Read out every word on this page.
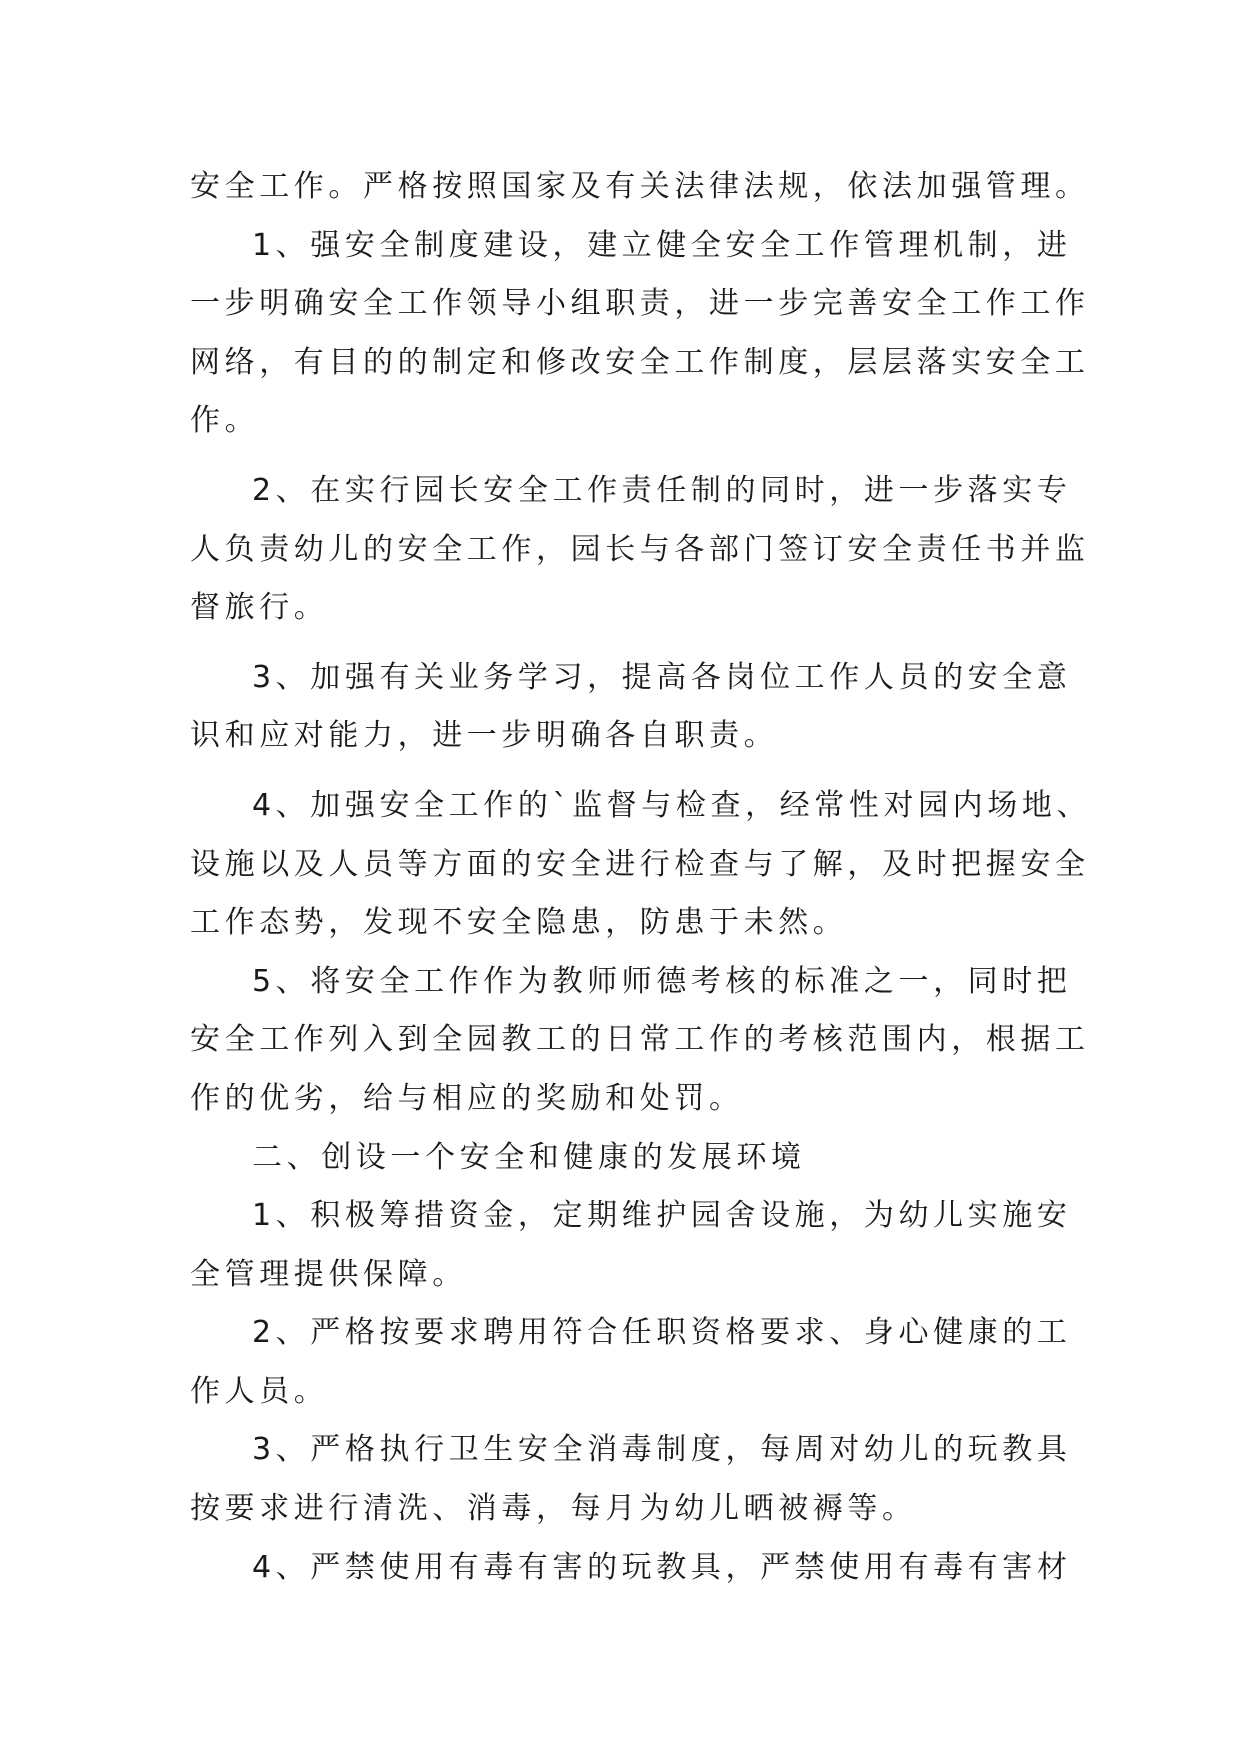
安全工作。严格按照国家及有关法律法规，依法加强管理。
1、强安全制度建设，建立健全安全工作管理机制，进
一步明确安全工作领导小组职责，进一步完善安全工作工作
网络，有目的的制定和修改安全工作制度，层层落实安全工
作。
2、在实行园长安全工作责任制的同时，进一步落实专
人负责幼儿的安全工作，园长与各部门签订安全责任书并监
督旅行。
3、加强有关业务学习，提高各岗位工作人员的安全意
识和应对能力，进一步明确各自职责。
4、加强安全工作的`监督与检查，经常性对园内场地、
设施以及人员等方面的安全进行检查与了解，及时把握安全
工作态势，发现不安全隐患，防患于未然。
5、将安全工作作为教师师德考核的标准之一，同时把
安全工作列入到全园教工的日常工作的考核范围内，根据工
作的优劣，给与相应的奖励和处罚。
二、创设一个安全和健康的发展环境
1、积极筹措资金，定期维护园舍设施，为幼儿实施安
全管理提供保障。
2、严格按要求聘用符合任职资格要求、身心健康的工
作人员。
3、严格执行卫生安全消毒制度，每周对幼儿的玩教具
按要求进行清洗、消毒，每月为幼儿晒被褥等。
4、严禁使用有毒有害的玩教具，严禁使用有毒有害材
